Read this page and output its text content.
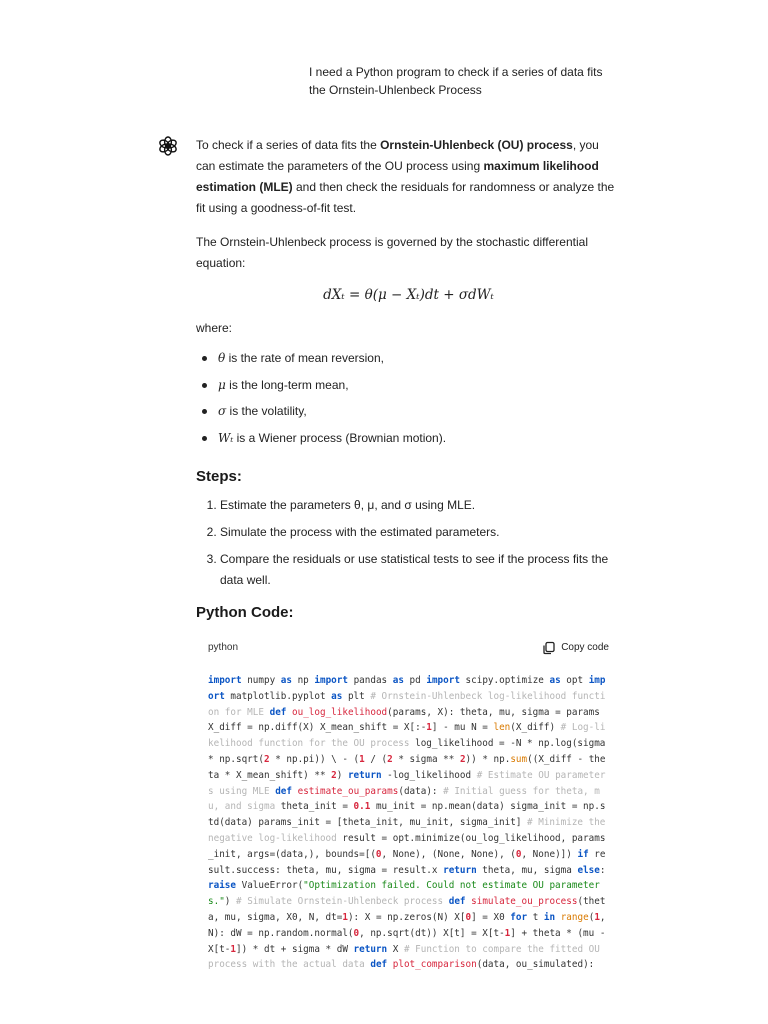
I need a Python program to check if a series of data fits the Ornstein-Uhlenbeck Process

To check if a series of data fits the Ornstein-Uhlenbeck (OU) process, you can estimate the parameters of the OU process using maximum likelihood estimation (MLE) and then check the residuals for randomness or analyze the fit using a goodness-of-fit test.

The Ornstein-Uhlenbeck process is governed by the stochastic differential equation:

dXₜ = θ(μ − Xₜ)dt + σdWₜ

where:

θ is the rate of mean reversion,
μ is the long-term mean,
σ is the volatility,
Wₜ is a Wiener process (Brownian motion).
Steps:
1. Estimate the parameters θ, μ, and σ using MLE.
2. Simulate the process with the estimated parameters.
3. Compare the residuals or use statistical tests to see if the process fits the data well.
Python Code:
python	Copy code
import numpy as np import pandas as pd import scipy.optimize as opt import matplotlib.pyplot as plt # Ornstein-Uhlenbeck log-likelihood function for MLE def ou_log_likelihood(params, X): theta, mu, sigma = params X_diff = np.diff(X) X_mean_shift = X[:-1] - mu N = len(X_diff) # Log-likelihood function for the OU process log_likelihood = -N * np.log(sigma * np.sqrt(2 * np.pi)) \ - (1 / (2 * sigma ** 2)) * np.sum((X_diff - theta * X_mean_shift) ** 2) return -log_likelihood # Estimate OU parameters using MLE def estimate_ou_params(data): # Initial guess for theta, mu, and sigma theta_init = 0.1 mu_init = np.mean(data) sigma_init = np.std(data) params_init = [theta_init, mu_init, sigma_init] # Minimize the negative log-likelihood result = opt.minimize(ou_log_likelihood, params_init, args=(data,), bounds=[(0, None), (None, None), (0, None)]) if result.success: theta, mu, sigma = result.x return theta, mu, sigma else: raise ValueError("Optimization failed. Could not estimate OU parameters.") # Simulate Ornstein-Uhlenbeck process def simulate_ou_process(theta, mu, sigma, X0, N, dt=1): X = np.zeros(N) X[0] = X0 for t in range(1, N): dW = np.random.normal(0, np.sqrt(dt)) X[t] = X[t-1] + theta * (mu - X[t-1]) * dt + sigma * dW return X # Function to compare the fitted OU process with the actual data def plot_comparison(data, ou_simulated):
